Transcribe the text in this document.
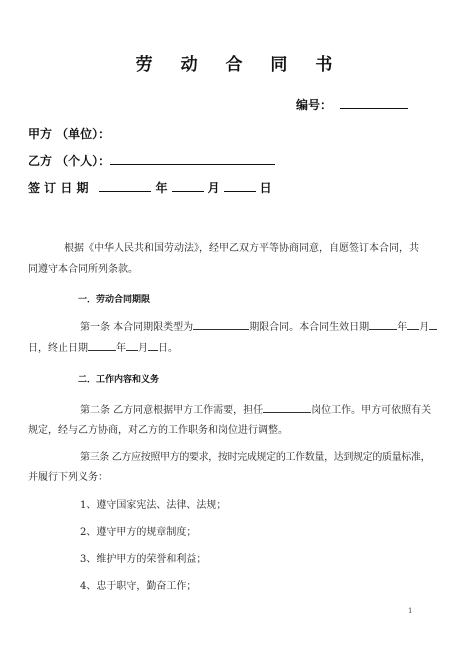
劳 动 合 同 书
编号：
甲方 （单位）：
乙方 （个人）：
签 订 日 期	年	月	日
根据《中华人民共和国劳动法》，经甲乙双方平等协商同意，自愿签订本合同，共同遵守本合同所列条款。
一．劳动合同期限
第一条 本合同期限类型为	期限合同。本合同生效日期	年 月
日，终止日期	年 月 日。
二．工作内容和义务
第二条 乙方同意根据甲方工作需要，担任	岗位工作。甲方可依照有关
规定，经与乙方协商，对乙方的工作职务和岗位进行调整。
第三条 乙方应按照甲方的要求，按时完成规定的工作数量，达到规定的质量标准，
并履行下列义务：
1、遵守国家宪法、法律、法规；
2、遵守甲方的规章制度；
3、维护甲方的荣誉和利益；
4、忠于职守，勤奋工作；
1
